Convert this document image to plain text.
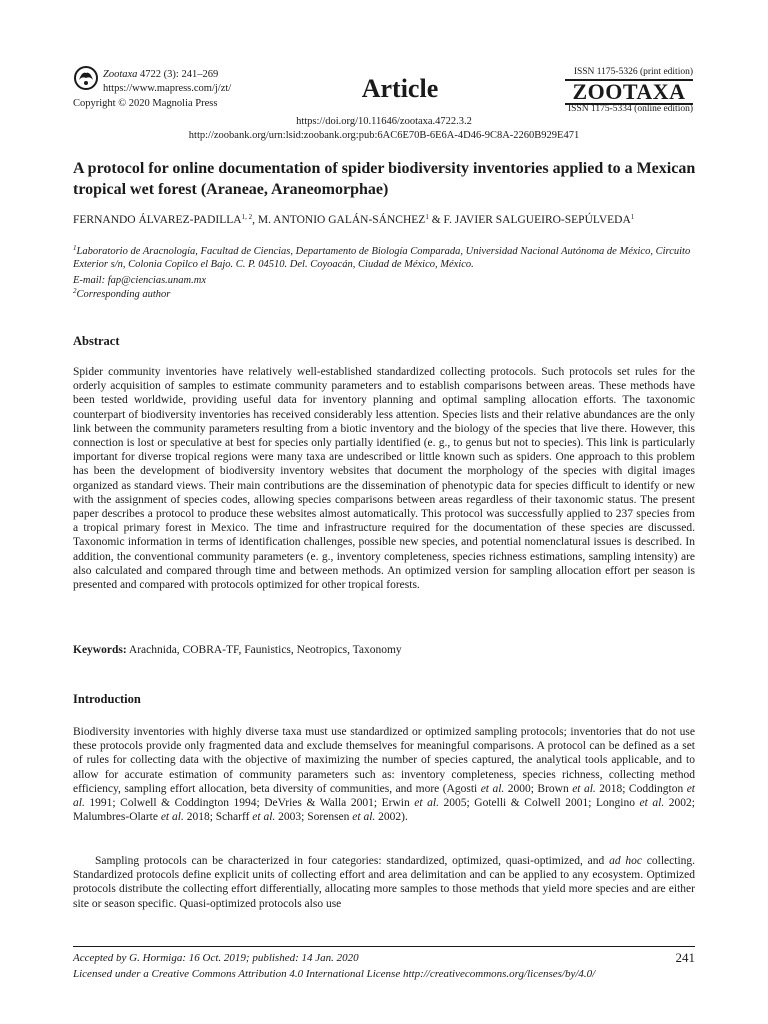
Zootaxa 4722 (3): 241–269
https://www.mapress.com/j/zt/
Copyright © 2020 Magnolia Press
Article
ISSN 1175-5326 (print edition)
ZOOTAXA
ISSN 1175-5334 (online edition)
https://doi.org/10.11646/zootaxa.4722.3.2
http://zoobank.org/urn:lsid:zoobank.org:pub:6AC6E70B-6E6A-4D46-9C8A-2260B929E471
A protocol for online documentation of spider biodiversity inventories applied to a Mexican tropical wet forest (Araneae, Araneomorphae)
FERNANDO ÁLVAREZ-PADILLA$^{1, 2}$, M. ANTONIO GALÁN-SÁNCHEZ$^1$ & F. JAVIER SALGUEIRO-SEPÚLVEDA$^1$
$^1$Laboratorio de Aracnología, Facultad de Ciencias, Departamento de Biología Comparada, Universidad Nacional Autónoma de México, Circuito Exterior s/n, Colonia Copilco el Bajo. C. P. 04510. Del. Coyoacán, Ciudad de México, México.
E-mail: fap@ciencias.unam.mx
$^2$Corresponding author
Abstract
Spider community inventories have relatively well-established standardized collecting protocols. Such protocols set rules for the orderly acquisition of samples to estimate community parameters and to establish comparisons between areas. These methods have been tested worldwide, providing useful data for inventory planning and optimal sampling allocation efforts. The taxonomic counterpart of biodiversity inventories has received considerably less attention. Species lists and their relative abundances are the only link between the community parameters resulting from a biotic inventory and the biology of the species that live there. However, this connection is lost or speculative at best for species only partially identified (e. g., to genus but not to species). This link is particularly important for diverse tropical regions were many taxa are undescribed or little known such as spiders. One approach to this problem has been the development of biodiversity inventory websites that document the morphology of the species with digital images organized as standard views. Their main contributions are the dissemination of phenotypic data for species difficult to identify or new with the assignment of species codes, allowing species comparisons between areas regardless of their taxonomic status. The present paper describes a protocol to produce these websites almost automatically. This protocol was successfully applied to 237 species from a tropical primary forest in Mexico. The time and infrastructure required for the documentation of these species are discussed. Taxonomic information in terms of identification challenges, possible new species, and potential nomenclatural issues is described. In addition, the conventional community parameters (e. g., inventory completeness, species richness estimations, sampling intensity) are also calculated and compared through time and between methods. An optimized version for sampling allocation effort per season is presented and compared with protocols optimized for other tropical forests.
Keywords: Arachnida, COBRA-TF, Faunistics, Neotropics, Taxonomy
Introduction
Biodiversity inventories with highly diverse taxa must use standardized or optimized sampling protocols; inventories that do not use these protocols provide only fragmented data and exclude themselves for meaningful comparisons. A protocol can be defined as a set of rules for collecting data with the objective of maximizing the number of species captured, the analytical tools applicable, and to allow for accurate estimation of community parameters such as: inventory completeness, species richness, collecting method efficiency, sampling effort allocation, beta diversity of communities, and more (Agosti et al. 2000; Brown et al. 2018; Coddington et al. 1991; Colwell & Coddington 1994; DeVries & Walla 2001; Erwin et al. 2005; Gotelli & Colwell 2001; Longino et al. 2002; Malumbres-Olarte et al. 2018; Scharff et al. 2003; Sorensen et al. 2002).
Sampling protocols can be characterized in four categories: standardized, optimized, quasi-optimized, and ad hoc collecting. Standardized protocols define explicit units of collecting effort and area delimitation and can be applied to any ecosystem. Optimized protocols distribute the collecting effort differentially, allocating more samples to those methods that yield more species and are either site or season specific. Quasi-optimized protocols also use
Accepted by G. Hormiga: 16 Oct. 2019; published: 14 Jan. 2020	241
Licensed under a Creative Commons Attribution 4.0 International License http://creativecommons.org/licenses/by/4.0/
